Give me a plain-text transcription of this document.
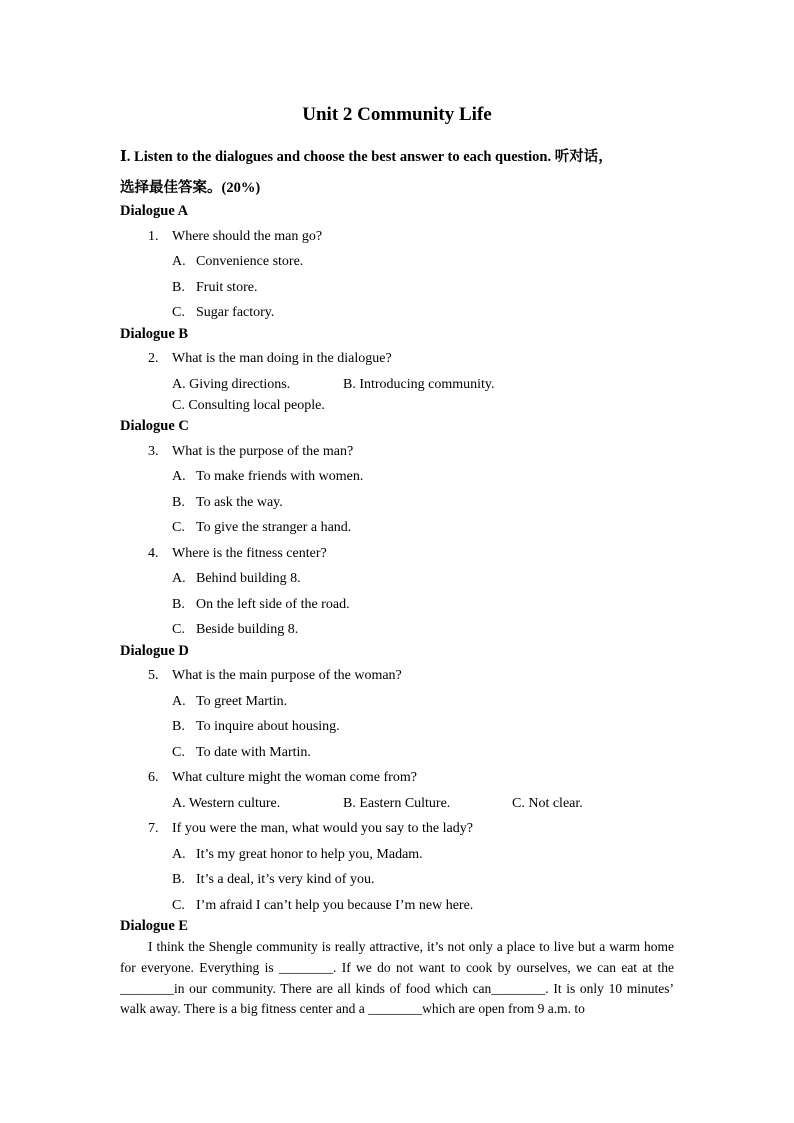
Unit 2 Community Life
Ⅰ. Listen to the dialogues and choose the best answer to each question. 听对话，
选择最佳答案。(20%)
Dialogue A
1. Where should the man go?
A. Convenience store.
B. Fruit store.
C. Sugar factory.
Dialogue B
2. What is the man doing in the dialogue?
A. Giving directions.	B. Introducing community.
C. Consulting local people.
Dialogue C
3. What is the purpose of the man?
A. To make friends with women.
B. To ask the way.
C. To give the stranger a hand.
4. Where is the fitness center?
A. Behind building 8.
B. On the left side of the road.
C. Beside building 8.
Dialogue D
5. What is the main purpose of the woman?
A. To greet Martin.
B. To inquire about housing.
C. To date with Martin.
6. What culture might the woman come from?
A. Western culture.	B. Eastern Culture.	C. Not clear.
7. If you were the man, what would you say to the lady?
A. It’s my great honor to help you, Madam.
B. It’s a deal, it’s very kind of you.
C. I’m afraid I can’t help you because I’m new here.
Dialogue E
I think the Shengle community is really attractive, it’s not only a place to live but a warm home for everyone. Everything is ________. If we do not want to cook by ourselves, we can eat at the ________in our community. There are all kinds of food which can________. It is only 10 minutes’ walk away. There is a big fitness center and a ________which are open from 9 a.m. to
